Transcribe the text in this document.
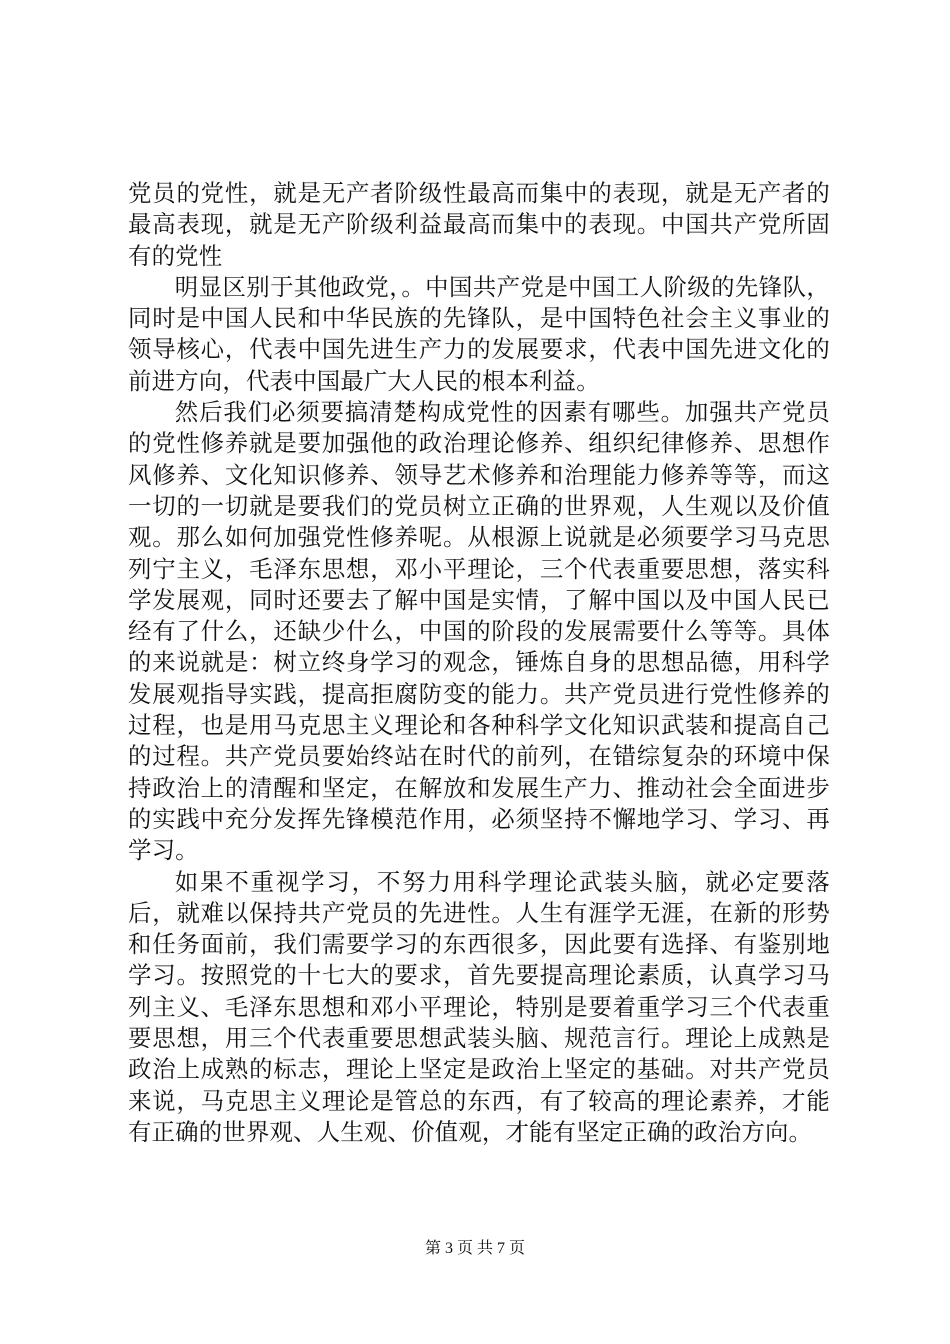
党员的党性，就是无产者阶级性最高而集中的表现，就是无产者的最高表现，就是无产阶级利益最高而集中的表现。中国共产党所固有的党性

明显区别于其他政党，。中国共产党是中国工人阶级的先锋队，同时是中国人民和中华民族的先锋队，是中国特色社会主义事业的领导核心，代表中国先进生产力的发展要求，代表中国先进文化的前进方向，代表中国最广大人民的根本利益。

然后我们必须要搞清楚构成党性的因素有哪些。加强共产党员的党性修养就是要加强他的政治理论修养、组织纪律修养、思想作风修养、文化知识修养、领导艺术修养和治理能力修养等等，而这一切的一切就是要我们的党员树立正确的世界观，人生观以及价值观。那么如何加强党性修养呢。从根源上说就是必须要学习马克思列宁主义，毛泽东思想，邓小平理论，三个代表重要思想，落实科学发展观，同时还要去了解中国是实情，了解中国以及中国人民已经有了什么，还缺少什么，中国的阶段的发展需要什么等等。具体的来说就是：树立终身学习的观念，锤炼自身的思想品德，用科学发展观指导实践，提高拒腐防变的能力。共产党员进行党性修养的过程，也是用马克思主义理论和各种科学文化知识武装和提高自己的过程。共产党员要始终站在时代的前列，在错综复杂的环境中保持政治上的清醒和坚定，在解放和发展生产力、推动社会全面进步的实践中充分发挥先锋模范作用，必须坚持不懈地学习、学习、再学习。

如果不重视学习，不努力用科学理论武装头脑，就必定要落后，就难以保持共产党员的先进性。人生有涯学无涯，在新的形势和任务面前，我们需要学习的东西很多，因此要有选择、有鉴别地学习。按照党的十七大的要求，首先要提高理论素质，认真学习马列主义、毛泽东思想和邓小平理论，特别是要着重学习三个代表重要思想，用三个代表重要思想武装头脑、规范言行。理论上成熟是政治上成熟的标志，理论上坚定是政治上坚定的基础。对共产党员来说，马克思主义理论是管总的东西，有了较高的理论素养，才能有正确的世界观、人生观、价值观，才能有坚定正确的政治方向。

第 3 页 共 7 页
